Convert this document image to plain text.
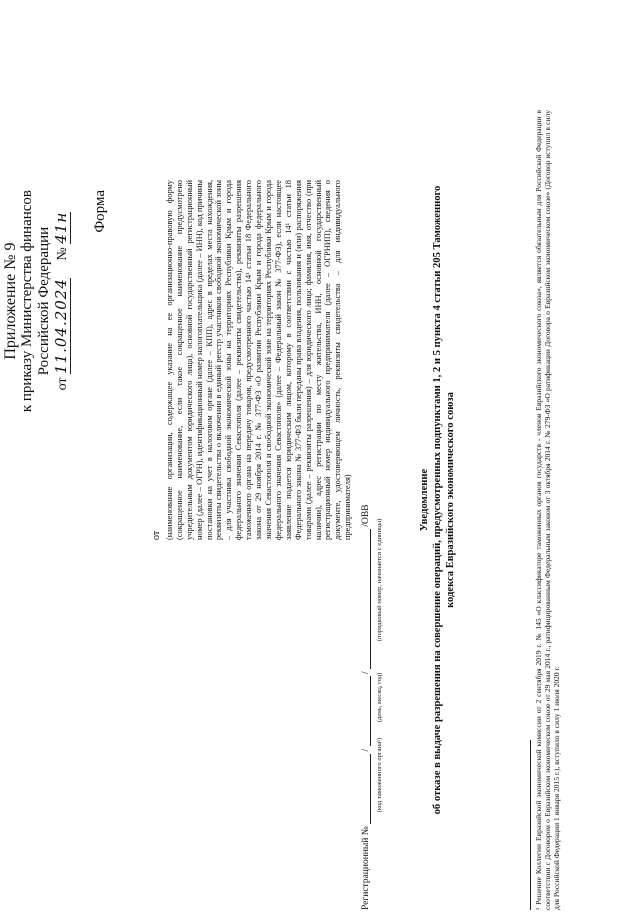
Приложение № 9 к приказу Министерства финансов Российской Федерации
от 11.04.2024 № 41н Форма
от (наименование организации, содержащее указание на ее организационно-правовую форму (сокращенное наименование, если такое сокращенное наименование предусмотрено учредительным документом юридического лица), основной государственный регистрационный номер (далее – ОГРН), идентификационный номер налогоплательщика (далее – ИНН), код причины постановки на учет в налоговом органе (далее – КПП), адрес в пределах места нахождения, реквизиты свидетельства о включении в единый реестр участников свободной экономической зоны – для участника свободной экономической зоны на территориях Республики Крым и города федерального значения Севастополя (далее – реквизиты свидетельства), реквизиты разрешения таможенного органа на передачу товаров, предусмотренного частью 14¹ статьи 18 Федерального закона от 29 ноября 2014 г. № 377-ФЗ «О развитии Республики Крым и города федерального значения Севастополя и свободной экономической зоне на территориях Республики Крым и города федерального значения Севастополя» (далее – Федеральный закон № 377-ФЗ), если настоящее заявление подается юридическим лицом, которому в соответствии с частью 14¹ статьи 18 Федерального закона № 377-ФЗ были переданы права владения, пользования и (или) распоряжения товарами (далее – реквизиты разрешения) – для юридического лица; фамилия, имя, отчество (при наличии), адрес регистрации по месту жительства, ИНН, основной государственный регистрационный номер индивидуального предпринимателя (далее – ОГРНИП), сведения о документе, удостоверяющем личность, реквизиты свидетельства – для индивидуального предпринимателя)
Регистрационный №  /  /  /ОВВ
(код таможенного органа¹)
(день, месяц, год)
(порядковый номер, начинается с единицы)
Уведомление об отказе в выдаче разрешения на совершение операций, предусмотренных подпунктами 1, 2 и 5 пункта 4 статьи 205 Таможенного кодекса Евразийского экономического союза	¹ Решение Коллегии Евразийской экономической комиссии от 2 сентября 2019 г. № 145 «О классификаторе таможенных органов государств - членов Евразийского экономического союза», является обязательным для Российской Федерации в соответствии с Договором о Евразийском экономическом союзе от 29 мая 2014 г., ратифицированным Федеральным законом от 3 октября 2014 г. № 279-ФЗ «О ратификации Договора о Евразийском экономическом союзе» (Договор вступил в силу для Российской Федерации 1 января 2015 г.), вступило в силу 1 июля 2020 г.
